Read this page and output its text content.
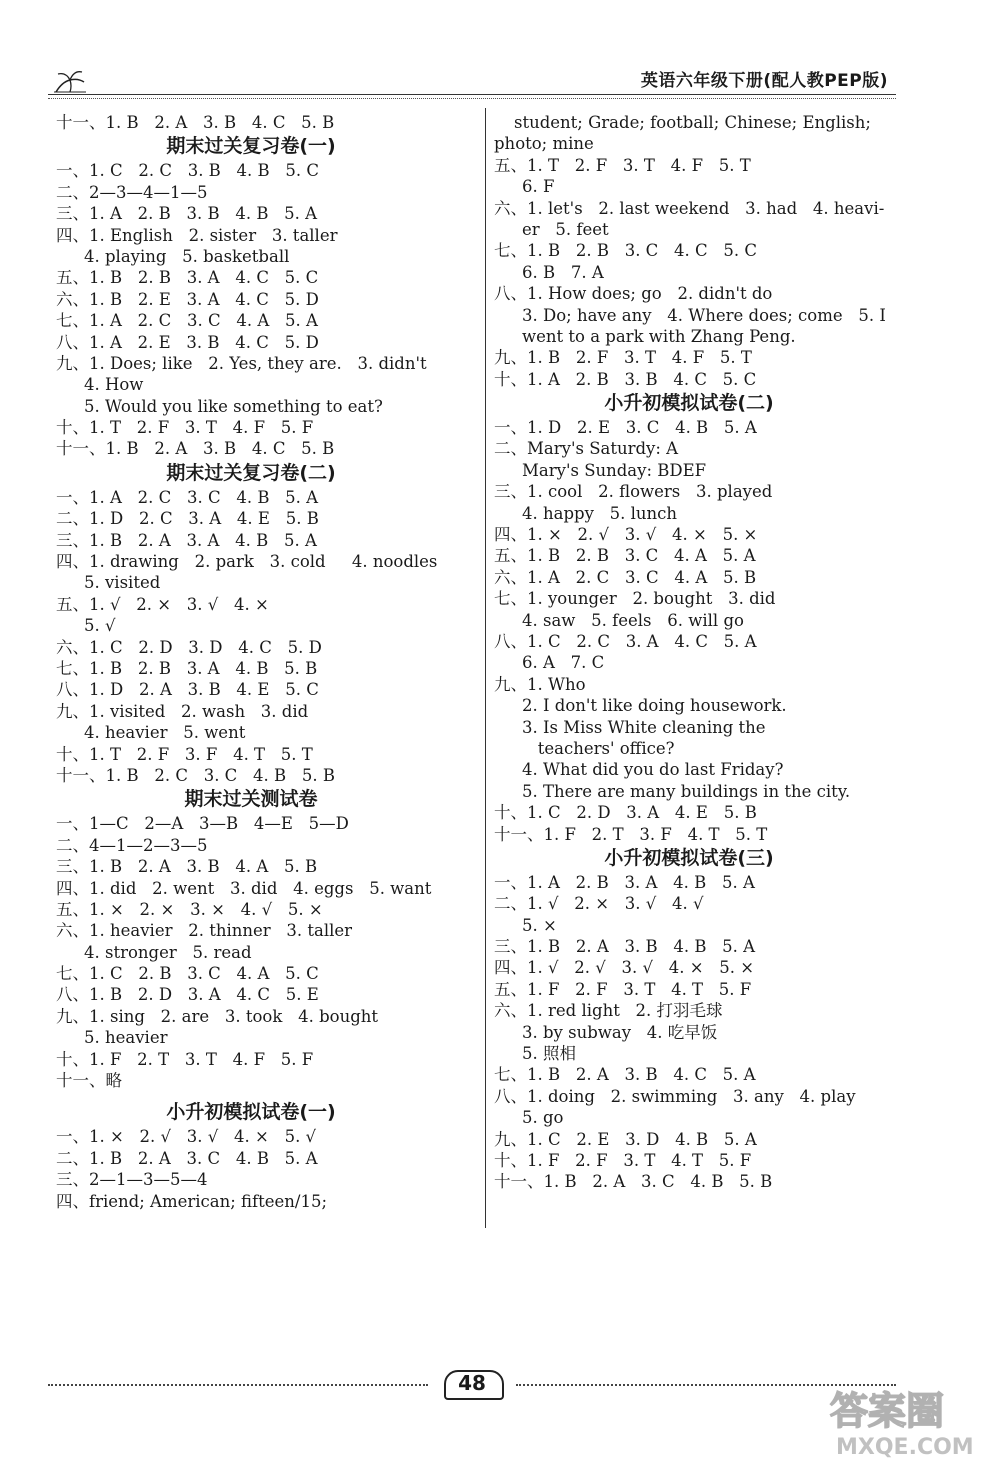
英语六年级下册(配人教PEP版)
十一、1. B   2. A   3. B   4. C   5. B
期末过关复习卷(一)
一、1. C   2. C   3. B   4. B   5. C
二、2—3—4—1—5
三、1. A   2. B   3. B   4. B   5. A
四、1. English   2. sister   3. taller
4. playing   5. basketball
五、1. B   2. B   3. A   4. C   5. C
六、1. B   2. E   3. A   4. C   5. D
七、1. A   2. C   3. C   4. A   5. A
八、1. A   2. E   3. B   4. C   5. D
九、1. Does; like   2. Yes, they are.   3. didn't
4. How
5. Would you like something to eat?
十、1. T   2. F   3. T   4. F   5. F
十一、1. B   2. A   3. B   4. C   5. B
期末过关复习卷(二)
一、1. A   2. C   3. C   4. B   5. A
二、1. D   2. C   3. A   4. E   5. B
三、1. B   2. A   3. A   4. B   5. A
四、1. drawing   2. park   3. cold     4. noodles
5. visited
五、1. √   2. ×   3. √   4. ×
5. √
六、1. C   2. D   3. D   4. C   5. D
七、1. B   2. B   3. A   4. B   5. B
八、1. D   2. A   3. B   4. E   5. C
九、1. visited   2. wash   3. did
4. heavier   5. went
十、1. T   2. F   3. F   4. T   5. T
十一、1. B   2. C   3. C   4. B   5. B
期末过关测试卷
一、1—C   2—A   3—B   4—E   5—D
二、4—1—2—3—5
三、1. B   2. A   3. B   4. A   5. B
四、1. did   2. went   3. did   4. eggs   5. want
五、1. ×   2. ×   3. ×   4. √   5. ×
六、1. heavier   2. thinner   3. taller
4. stronger   5. read
七、1. C   2. B   3. C   4. A   5. C
八、1. B   2. D   3. A   4. C   5. E
九、1. sing   2. are   3. took   4. bought
5. heavier
十、1. F   2. T   3. T   4. F   5. F
十一、略
小升初模拟试卷(一)
一、1. ×   2. √   3. √   4. ×   5. √
二、1. B   2. A   3. C   4. B   5. A
三、2—1—3—5—4
四、friend; American; fifteen/15;
student; Grade; football; Chinese; English;
photo; mine
五、1. T   2. F   3. T   4. F   5. T
6. F
六、1. let's   2. last weekend   3. had   4. heavi-
er   5. feet
七、1. B   2. B   3. C   4. C   5. C
6. B   7. A
八、1. How does; go   2. didn't do
3. Do; have any   4. Where does; come   5. I
went to a park with Zhang Peng.
九、1. B   2. F   3. T   4. F   5. T
十、1. A   2. B   3. B   4. C   5. C
小升初模拟试卷(二)
一、1. D   2. E   3. C   4. B   5. A
二、Mary's Saturdy: A
Mary's Sunday: BDEF
三、1. cool   2. flowers   3. played
4. happy   5. lunch
四、1. ×   2. √   3. √   4. ×   5. ×
五、1. B   2. B   3. C   4. A   5. A
六、1. A   2. C   3. C   4. A   5. B
七、1. younger   2. bought   3. did
4. saw   5. feels   6. will go
八、1. C   2. C   3. A   4. C   5. A
6. A   7. C
九、1. Who
2. I don't like doing housework.
3. Is Miss White cleaning the
teachers' office?
4. What did you do last Friday?
5. There are many buildings in the city.
十、1. C   2. D   3. A   4. E   5. B
十一、1. F   2. T   3. F   4. T   5. T
小升初模拟试卷(三)
一、1. A   2. B   3. A   4. B   5. A
二、1. √   2. ×   3. √   4. √
5. ×
三、1. B   2. A   3. B   4. B   5. A
四、1. √   2. √   3. √   4. ×   5. ×
五、1. F   2. F   3. T   4. T   5. F
六、1. red light   2. 打羽毛球
3. by subway   4. 吃早饭
5. 照相
七、1. B   2. A   3. B   4. C   5. A
八、1. doing   2. swimming   3. any   4. play
5. go
九、1. C   2. E   3. D   4. B   5. A
十、1. F   2. F   3. T   4. T   5. F
十一、1. B   2. A   3. C   4. B   5. B
48
答案圈
MXQE.COM
